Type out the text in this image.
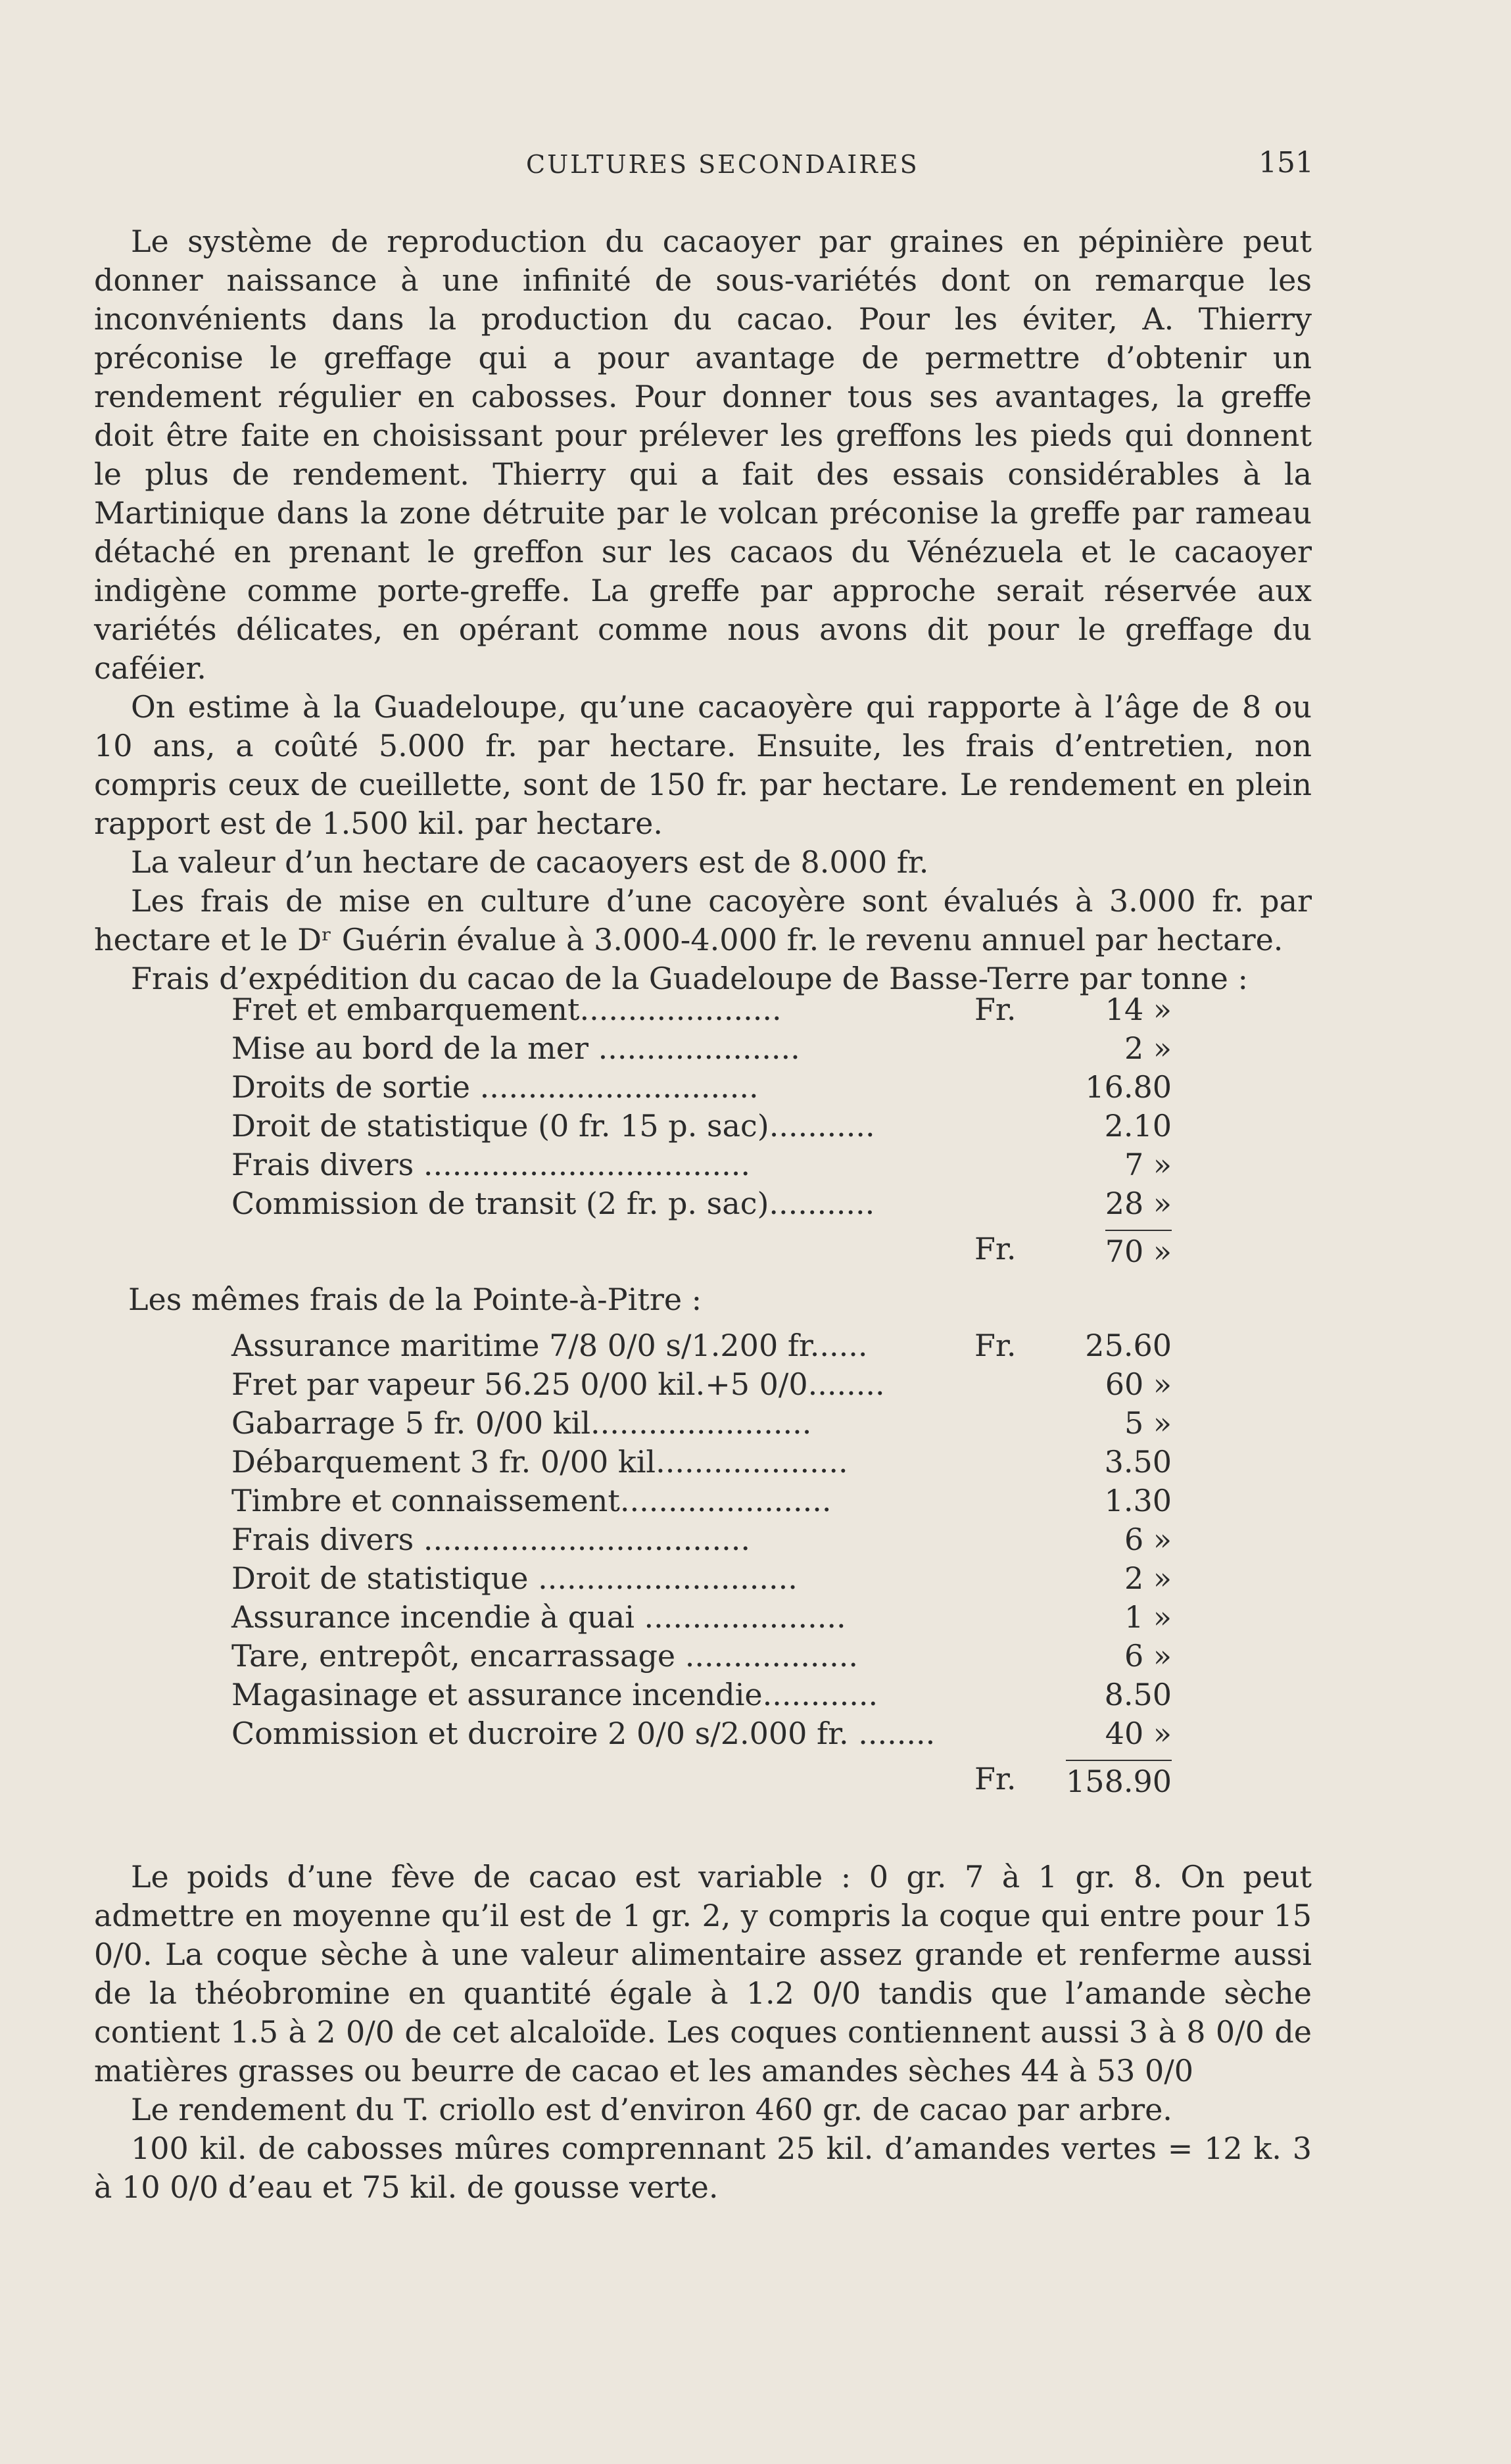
CULTURES SECONDAIRES	151

Le système de reproduction du cacaoyer par graines en pépinière peut donner naissance à une infinité de sous-variétés dont on remarque les inconvénients dans la production du cacao. Pour les éviter, A. Thierry préconise le greffage qui a pour avantage de permettre d’obtenir un rendement régulier en cabosses. Pour donner tous ses avantages, la greffe doit être faite en choisissant pour prélever les greffons les pieds qui donnent le plus de rendement. Thierry qui a fait des essais considérables à la Martinique dans la zone détruite par le volcan préconise la greffe par rameau détaché en prenant le greffon sur les cacaos du Vénézuela et le cacaoyer indigène comme porte-greffe. La greffe par approche serait réservée aux variétés délicates, en opérant comme nous avons dit pour le greffage du caféier.

On estime à la Guadeloupe, qu’une cacaoyère qui rapporte à l’âge de 8 ou 10 ans, a coûté 5.000 fr. par hectare. Ensuite, les frais d’entretien, non compris ceux de cueillette, sont de 150 fr. par hectare. Le rendement en plein rapport est de 1.500 kil. par hectare.

La valeur d’un hectare de cacaoyers est de 8.000 fr.

Les frais de mise en culture d’une cacoyère sont évalués à 3.000 fr. par hectare et le Dʳ Guérin évalue à 3.000-4.000 fr. le revenu annuel par hectare.

Frais d’expédition du cacao de la Guadeloupe de Basse-Terre par tonne :

Fret et embarquement.....................	Fr.	14 »
Mise au bord de la mer .....................	2 »
Droits de sortie .............................	16.80
Droit de statistique (0 fr. 15 p. sac)...........	2.10
Frais divers ..................................	7 »
Commission de transit (2 fr. p. sac)...........	28 »
Fr.	70 »
Les mêmes frais de la Pointe-à-Pitre :
Assurance maritime 7/8 0/0 s/1.200 fr......	Fr. 25.60
Fret par vapeur 56.25 0/00 kil.+5 0/0........	60 »
Gabarrage 5 fr. 0/00 kil.......................	5 »
Débarquement 3 fr. 0/00 kil....................	3.50
Timbre et connaissement......................	1.30
Frais divers ..................................	6 »
Droit de statistique ...........................	2 »
Assurance incendie à quai .....................	1 »
Tare, entrepôt, encarrassage ..................	6 »
Magasinage et assurance incendie............	8.50
Commission et ducroire 2 0/0 s/2.000 fr. ........	40 »
Fr. 158.90

Le poids d’une fève de cacao est variable : 0 gr. 7 à 1 gr. 8. On peut admettre en moyenne qu’il est de 1 gr. 2, y compris la coque qui entre pour 15 0/0. La coque sèche à une valeur alimentaire assez grande et renferme aussi de la théobromine en quantité égale à 1.2 0/0 tandis que l’amande sèche contient 1.5 à 2 0/0 de cet alcaloïde. Les coques contiennent aussi 3 à 8 0/0 de matières grasses ou beurre de cacao et les amandes sèches 44 à 53 0/0

Le rendement du T. criollo est d’environ 460 gr. de cacao par arbre.

100 kil. de cabosses mûres comprennant 25 kil. d’amandes vertes = 12 k. 3 à 10 0/0 d’eau et 75 kil. de gousse verte.
